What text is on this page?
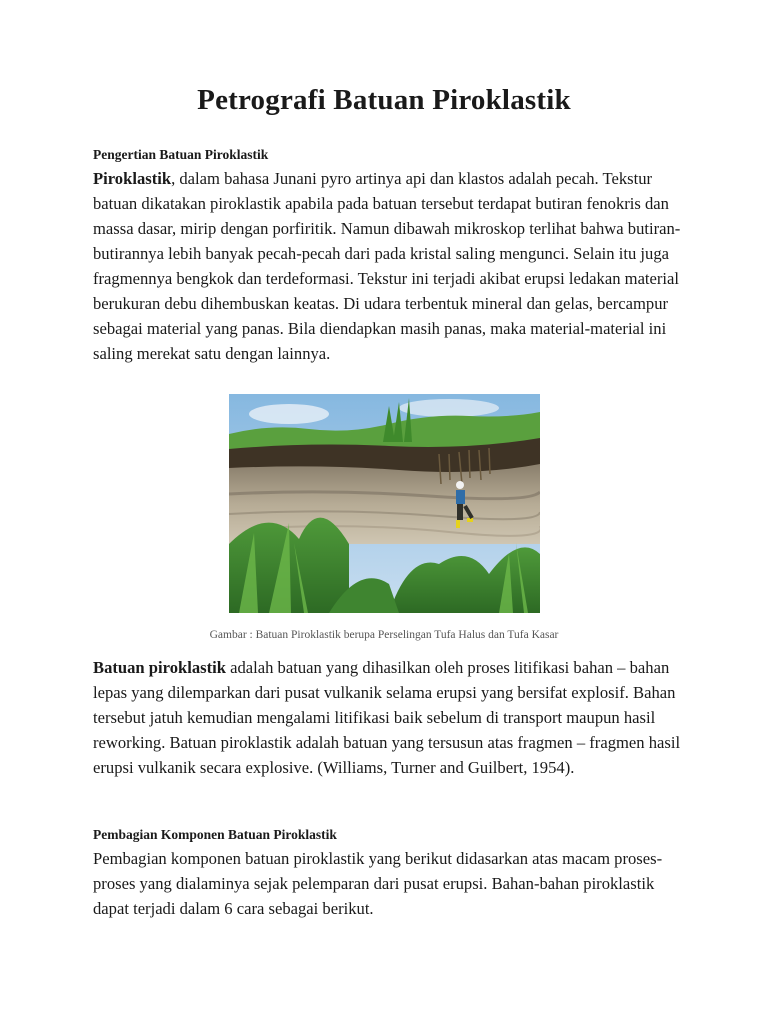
Petrografi Batuan Piroklastik
Pengertian Batuan Piroklastik

Piroklastik, dalam bahasa Junani pyro artinya api dan klastos adalah pecah. Tekstur batuan dikatakan piroklastik apabila pada batuan tersebut terdapat butiran fenokris dan massa dasar, mirip dengan porfiritik. Namun dibawah mikroskop terlihat bahwa butiran-butirannya lebih banyak pecah-pecah dari pada kristal saling mengunci. Selain itu juga fragmennya bengkok dan terdeformasi. Tekstur ini terjadi akibat erupsi ledakan material berukuran debu dihembuskan keatas. Di udara terbentuk mineral dan gelas, bercampur sebagai material yang panas. Bila diendapkan masih panas, maka material-material ini saling merekat satu dengan lainnya.

Gambar : Batuan Piroklastik berupa Perselingan Tufa Halus dan Tufa Kasar

Batuan piroklastik adalah batuan yang dihasilkan oleh proses litifikasi bahan – bahan lepas yang dilemparkan dari pusat vulkanik selama erupsi yang bersifat explosif. Bahan tersebut jatuh kemudian mengalami litifikasi baik sebelum di transport maupun hasil reworking. Batuan piroklastik adalah batuan yang tersusun atas fragmen – fragmen hasil erupsi vulkanik secara explosive. (Williams, Turner and Guilbert, 1954).

Pembagian Komponen Batuan Piroklastik

Pembagian komponen batuan piroklastik yang berikut didasarkan atas macam proses-proses yang dialaminya sejak pelemparan dari pusat erupsi. Bahan-bahan piroklastik dapat terjadi dalam 6 cara sebagai berikut.
